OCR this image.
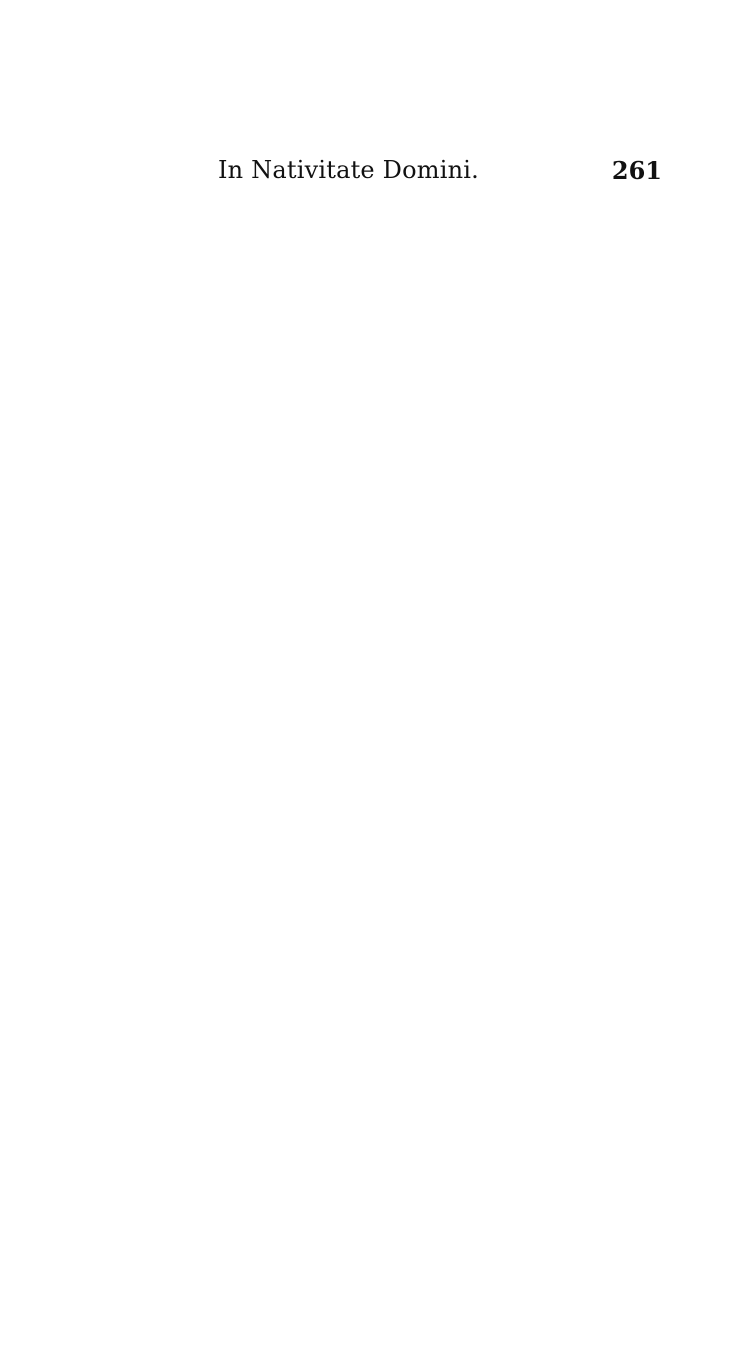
In Nativitate Domini.	261
